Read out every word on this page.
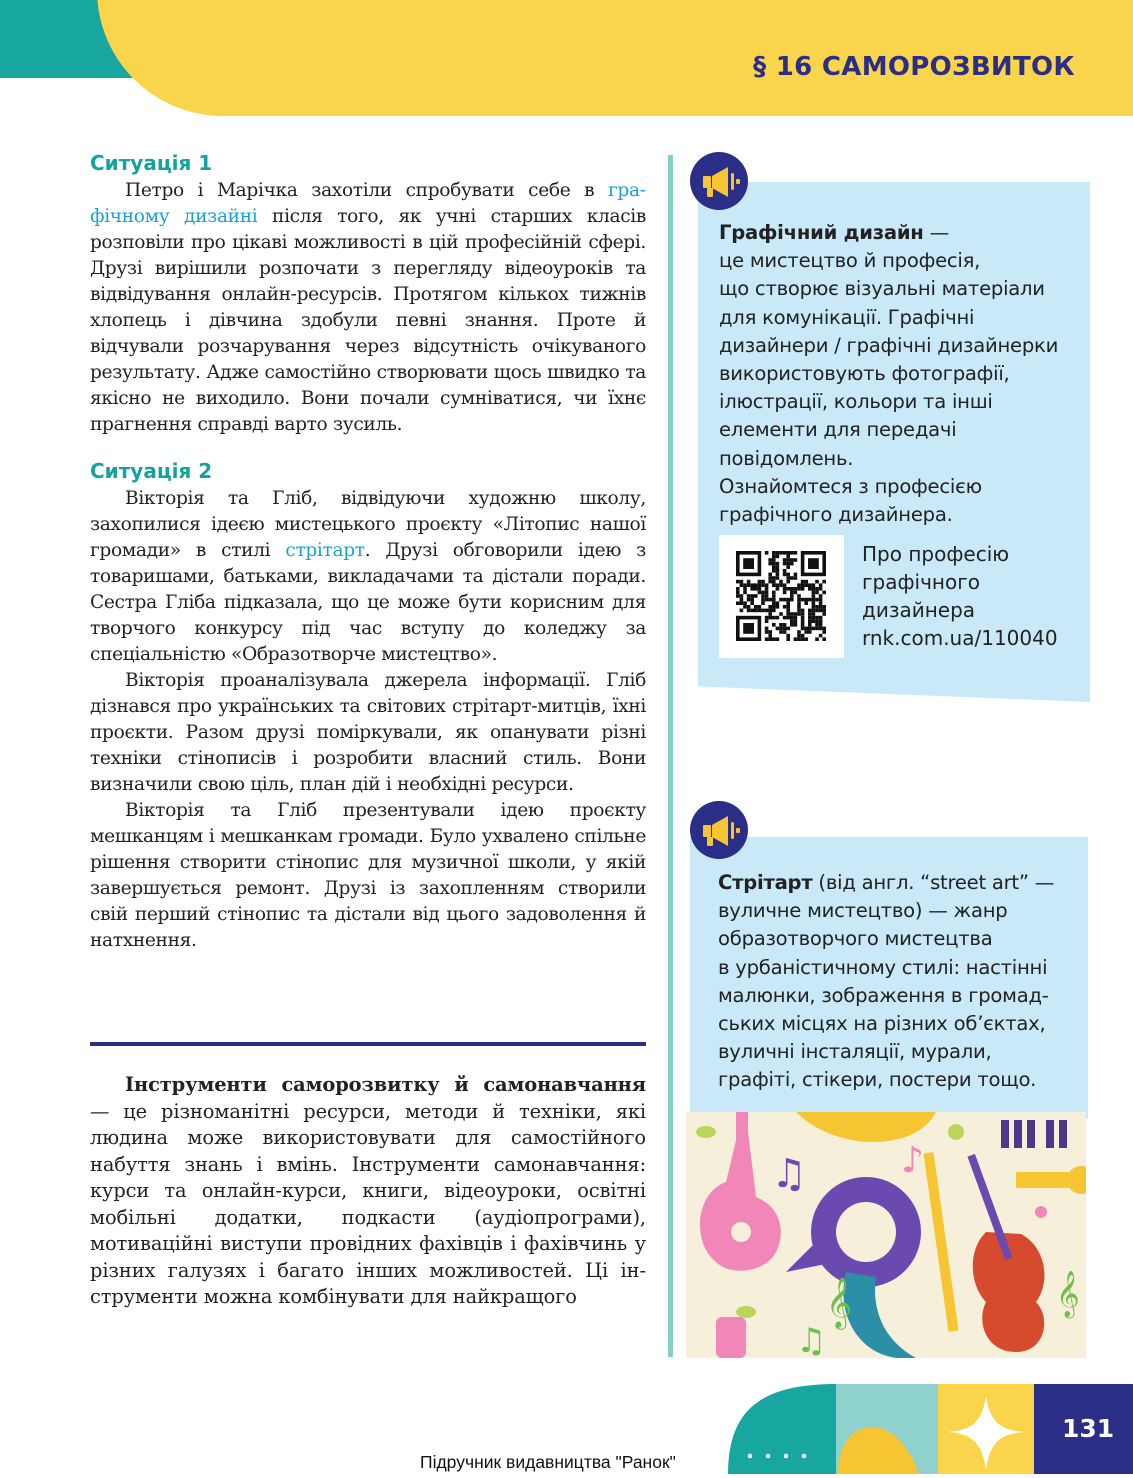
§ 16 САМОРОЗВИТОК
Ситуація 1

Петро і Марічка захотіли спробувати себе в графічному дизайні після того, як учні старших класів розповіли про цікаві можливості в цій професійній сфері. Друзі вирішили розпочати з перегляду відеоуроків та відвідування онлайн-ресурсів. Протягом кількох тижнів хлопець і дівчина здобули певні знання. Проте й відчували розчарування через відсутність очікуваного результату. Адже самостійно створювати щось швидко та якісно не виходило. Вони почали сумніватися, чи їхнє прагнення справді варто зусиль.

Ситуація 2

Вікторія та Гліб, відвідуючи художню школу, захопилися ідеєю мистецького проєкту «Літопис нашої громади» в стилі стрітарт. Друзі обговорили ідею з товаришами, батьками, викладачами та дістали поради. Сестра Гліба підказала, що це може бути корисним для творчого конкурсу під час вступу до коледжу за спеціальністю «Образотворче мистецтво».

Вікторія проаналізувала джерела інформації. Гліб дізнався про українських та світових стрітарт-митців, їхні проєкти. Разом друзі поміркували, як опанувати різні техніки стінописів і розробити власний стиль. Вони визначили свою ціль, план дій і необхідні ресурси.

Вікторія та Гліб презентували ідею проєкту мешканцям і мешканкам громади. Було ухвалено спільне рішення створити стінопис для музичної школи, у якій завершується ремонт. Друзі із захопленням створили свій перший стінопис та дістали від цього задоволення й натхнення.

Інструменти саморозвитку й самонавчання — це різноманітні ресурси, методи й техніки, які людина може використовувати для самостійного набуття знань і вмінь. Інструменти самонавчання: курси та онлайн-курси, книги, відеоуроки, освітні мобільні додатки, подкасти (аудіопрограми), мотиваційні виступи провідних фахівців і фахівчинь у різних галузях і багато інших можливостей. Ці інструменти можна комбінувати для найкращого

Графічний дизайн —
це мистецтво й професія,
що створює візуальні матеріали
для комунікації. Графічні
дизайнери / графічні дизайнерки
використовують фотографії,
ілюстрації, кольори та інші
елементи для передачі
повідомлень.
Ознайомтеся з професією
графічного дизайнера.
Про професію
графічного
дизайнера
rnk.com.ua/110040
Стрітарт (від англ. “street art” —
вуличне мистецтво) — жанр
образотворчого мистецтва
в урбаністичному стилі: настінні
малюнки, зображення в громад-
ських місцях на різних об’єктах,
вуличні інсталяції, мурали,
графіті, стікери, постери тощо.
𝄞	𝄞
♫	♪
♫
131
Підручник видавництва "Ранок"
